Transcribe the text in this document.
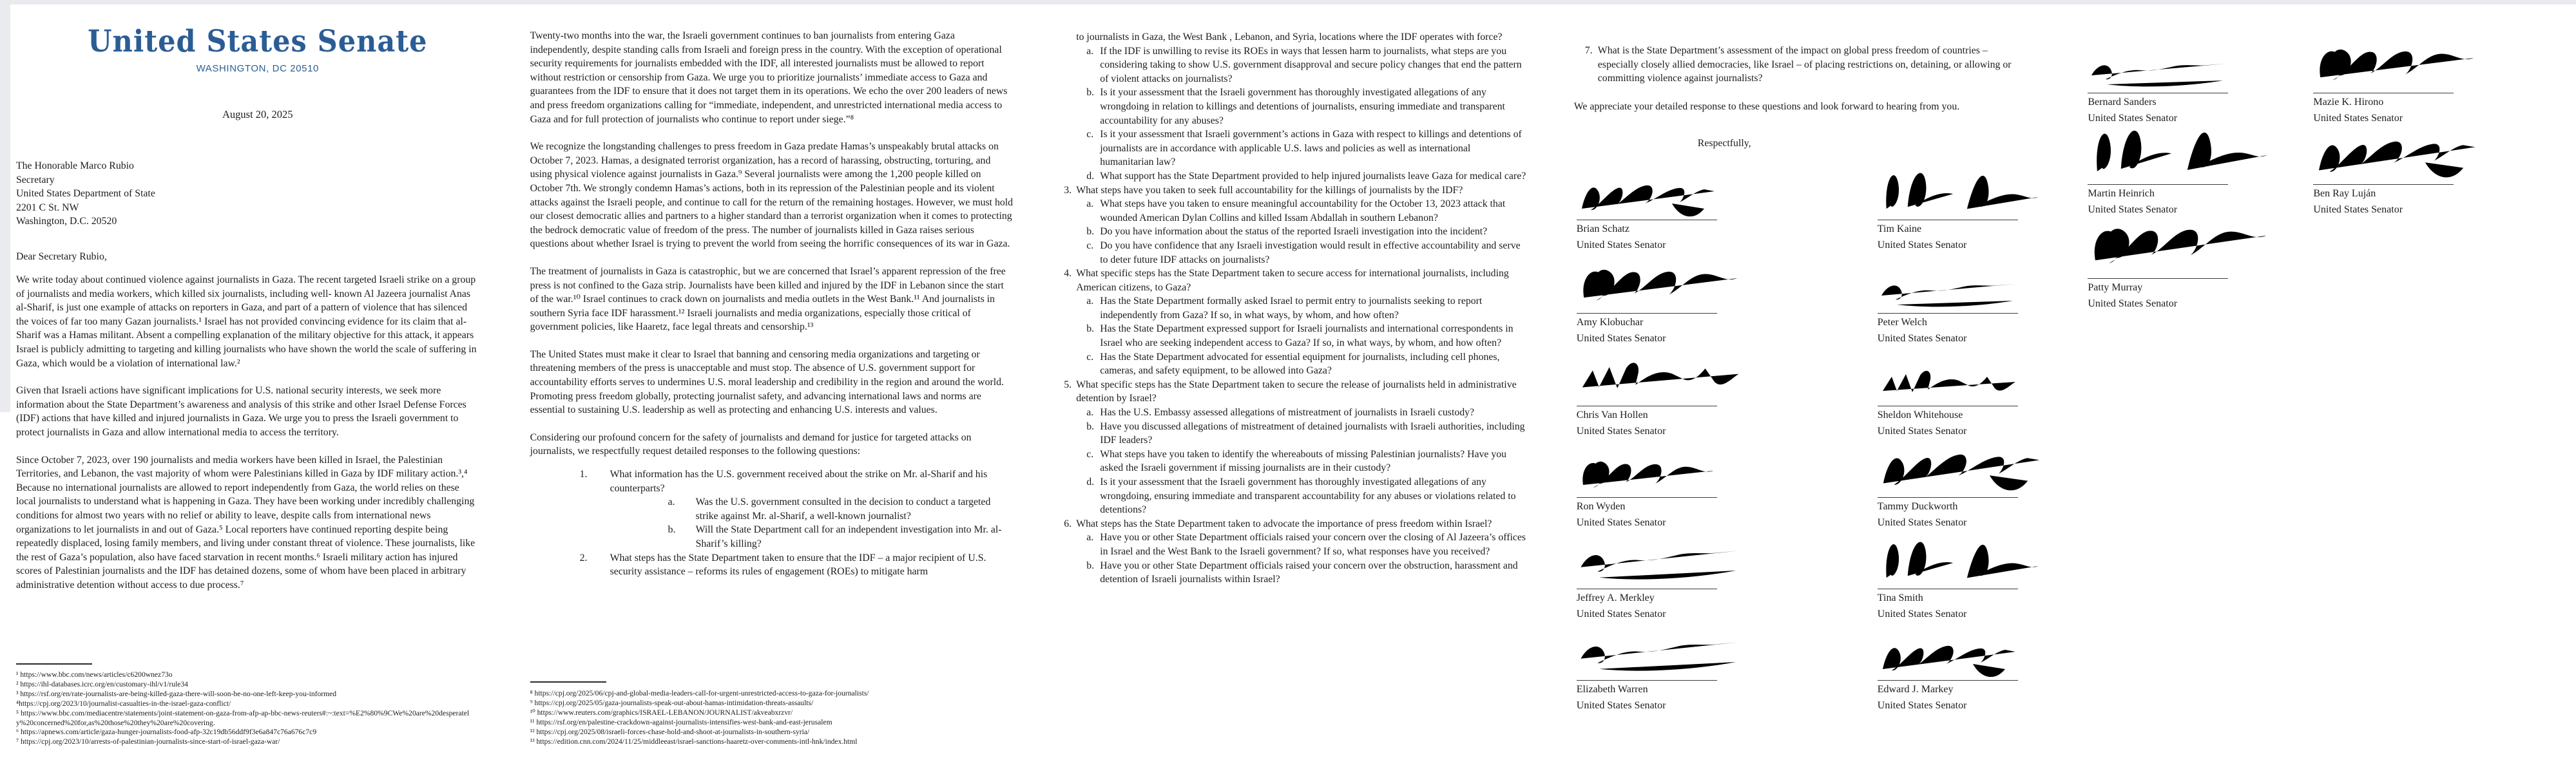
United States Senate
WASHINGTON, DC 20510
August 20, 2025
The Honorable Marco Rubio
Secretary
United States Department of State
2201 C St. NW
Washington, D.C. 20520
Dear Secretary Rubio,

We write today about continued violence against journalists in Gaza. The recent targeted Israeli strike on a group of journalists and media workers, which killed six journalists, including well- known Al Jazeera journalist Anas al-Sharif, is just one example of attacks on reporters in Gaza, and part of a pattern of violence that has silenced the voices of far too many Gazan journalists.¹ Israel has not provided convincing evidence for its claim that al-Sharif was a Hamas militant. Absent a compelling explanation of the military objective for this attack, it appears Israel is publicly admitting to targeting and killing journalists who have shown the world the scale of suffering in Gaza, which would be a violation of international law.²

Given that Israeli actions have significant implications for U.S. national security interests, we seek more information about the State Department’s awareness and analysis of this strike and other Israel Defense Forces (IDF) actions that have killed and injured journalists in Gaza. We urge you to press the Israeli government to protect journalists in Gaza and allow international media to access the territory.

Since October 7, 2023, over 190 journalists and media workers have been killed in Israel, the Palestinian Territories, and Lebanon, the vast majority of whom were Palestinians killed in Gaza by IDF military action.³,⁴ Because no international journalists are allowed to report independently from Gaza, the world relies on these local journalists to understand what is happening in Gaza. They have been working under incredibly challenging conditions for almost two years with no relief or ability to leave, despite calls from international news organizations to let journalists in and out of Gaza.⁵ Local reporters have continued reporting despite being repeatedly displaced, losing family members, and living under constant threat of violence. These journalists, like the rest of Gaza’s population, also have faced starvation in recent months.⁶ Israeli military action has injured scores of Palestinian journalists and the IDF has detained dozens, some of whom have been placed in arbitrary administrative detention without access to due process.⁷

¹ https://www.bbc.com/news/articles/c6200wnez73o
² https://ihl-databases.icrc.org/en/customary-ihl/v1/rule34
³ https://rsf.org/en/rate-journalists-are-being-killed-gaza-there-will-soon-be-no-one-left-keep-you-informed
⁴https://cpj.org/2023/10/journalist-casualties-in-the-israel-gaza-conflict/
⁵ https://www.bbc.com/mediacentre/statements/joint-statement-on-gaza-from-afp-ap-bbc-news-reuters#:~:text=%E2%80%9CWe%20are%20desperately%20concerned%20for,as%20those%20they%20are%20covering.
⁶ https://apnews.com/article/gaza-hunger-journalists-food-afp-32c19db56ddf9f3e6a847c76a676c7c9
⁷ https://cpj.org/2023/10/arrests-of-palestinian-journalists-since-start-of-israel-gaza-war/

Twenty-two months into the war, the Israeli government continues to ban journalists from entering Gaza independently, despite standing calls from Israeli and foreign press in the country. With the exception of operational security requirements for journalists embedded with the IDF, all interested journalists must be allowed to report without restriction or censorship from Gaza. We urge you to prioritize journalists’ immediate access to Gaza and guarantees from the IDF to ensure that it does not target them in its operations. We echo the over 200 leaders of news and press freedom organizations calling for “immediate, independent, and unrestricted international media access to Gaza and for full protection of journalists who continue to report under siege.”⁸

We recognize the longstanding challenges to press freedom in Gaza predate Hamas’s unspeakably brutal attacks on October 7, 2023. Hamas, a designated terrorist organization, has a record of harassing, obstructing, torturing, and using physical violence against journalists in Gaza.⁹ Several journalists were among the 1,200 people killed on October 7th. We strongly condemn Hamas’s actions, both in its repression of the Palestinian people and its violent attacks against the Israeli people, and continue to call for the return of the remaining hostages. However, we must hold our closest democratic allies and partners to a higher standard than a terrorist organization when it comes to protecting the bedrock democratic value of freedom of the press. The number of journalists killed in Gaza raises serious questions about whether Israel is trying to prevent the world from seeing the horrific consequences of its war in Gaza.

The treatment of journalists in Gaza is catastrophic, but we are concerned that Israel’s apparent repression of the free press is not confined to the Gaza strip. Journalists have been killed and injured by the IDF in Lebanon since the start of the war.¹⁰ Israel continues to crack down on journalists and media outlets in the West Bank.¹¹ And journalists in southern Syria face IDF harassment.¹² Israeli journalists and media organizations, especially those critical of government policies, like Haaretz, face legal threats and censorship.¹³

The United States must make it clear to Israel that banning and censoring media organizations and targeting or threatening members of the press is unacceptable and must stop. The absence of U.S. government support for accountability efforts serves to undermines U.S. moral leadership and credibility in the region and around the world. Promoting press freedom globally, protecting journalist safety, and advancing international laws and norms are essential to sustaining U.S. leadership as well as protecting and enhancing U.S. interests and values.

Considering our profound concern for the safety of journalists and demand for justice for targeted attacks on journalists, we respectfully request detailed responses to the following questions:

1. What information has the U.S. government received about the strike on Mr. al-Sharif and his counterparts?
a. Was the U.S. government consulted in the decision to conduct a targeted strike against Mr. al-Sharif, a well-known journalist?
b. Will the State Department call for an independent investigation into Mr. al-Sharif’s killing?
2. What steps has the State Department taken to ensure that the IDF – a major recipient of U.S. security assistance – reforms its rules of engagement (ROEs) to mitigate harm
⁸ https://cpj.org/2025/06/cpj-and-global-media-leaders-call-for-urgent-unrestricted-access-to-gaza-for-journalists/
⁹ https://cpj.org/2025/05/gaza-journalists-speak-out-about-hamas-intimidation-threats-assaults/
¹⁰ https://www.reuters.com/graphics/ISRAEL-LEBANON/JOURNALIST/akveabxrzvr/
¹¹ https://rsf.org/en/palestine-crackdown-against-journalists-intensifies-west-bank-and-east-jerusalem
¹² https://cpj.org/2025/08/israeli-forces-chase-hold-and-shoot-at-journalists-in-southern-syria/
¹³ https://edition.cnn.com/2024/11/25/middleeast/israel-sanctions-haaretz-over-comments-intl-hnk/index.html
to journalists in Gaza, the West Bank , Lebanon, and Syria, locations where the IDF operates with force?
a. If the IDF is unwilling to revise its ROEs in ways that lessen harm to journalists, what steps are you considering taking to show U.S. government disapproval and secure policy changes that end the pattern of violent attacks on journalists?
b. Is it your assessment that the Israeli government has thoroughly investigated allegations of any wrongdoing in relation to killings and detentions of journalists, ensuring immediate and transparent accountability for any abuses?
c. Is it your assessment that Israeli government’s actions in Gaza with respect to killings and detentions of journalists are in accordance with applicable U.S. laws and policies as well as international humanitarian law?
d. What support has the State Department provided to help injured journalists leave Gaza for medical care?
3. What steps have you taken to seek full accountability for the killings of journalists by the IDF?
a. What steps have you taken to ensure meaningful accountability for the October 13, 2023 attack that wounded American Dylan Collins and killed Issam Abdallah in southern Lebanon?
b. Do you have information about the status of the reported Israeli investigation into the incident?
c. Do you have confidence that any Israeli investigation would result in effective accountability and serve to deter future IDF attacks on journalists?
4. What specific steps has the State Department taken to secure access for international journalists, including American citizens, to Gaza?
a. Has the State Department formally asked Israel to permit entry to journalists seeking to report independently from Gaza? If so, in what ways, by whom, and how often?
b. Has the State Department expressed support for Israeli journalists and international correspondents in Israel who are seeking independent access to Gaza? If so, in what ways, by whom, and how often?
c. Has the State Department advocated for essential equipment for journalists, including cell phones, cameras, and safety equipment, to be allowed into Gaza?
5. What specific steps has the State Department taken to secure the release of journalists held in administrative detention by Israel?
a. Has the U.S. Embassy assessed allegations of mistreatment of journalists in Israeli custody?
b. Have you discussed allegations of mistreatment of detained journalists with Israeli authorities, including IDF leaders?
c. What steps have you taken to identify the whereabouts of missing Palestinian journalists? Have you asked the Israeli government if missing journalists are in their custody?
d. Is it your assessment that the Israeli government has thoroughly investigated allegations of any wrongdoing, ensuring immediate and transparent accountability for any abuses or violations related to detentions?
6. What steps has the State Department taken to advocate the importance of press freedom within Israel?
a. Have you or other State Department officials raised your concern over the closing of Al Jazeera’s offices in Israel and the West Bank to the Israeli government? If so, what responses have you received?
b. Have you or other State Department officials raised your concern over the obstruction, harassment and detention of Israeli journalists within Israel?
7. What is the State Department’s assessment of the impact on global press freedom of countries – especially closely allied democracies, like Israel – of placing restrictions on, detaining, or allowing or committing violence against journalists?
We appreciate your detailed response to these questions and look forward to hearing from you.
Respectfully,
Brian Schatz
United States Senator
Amy Klobuchar
United States Senator
Chris Van Hollen
United States Senator
Ron Wyden
United States Senator
Jeffrey A. Merkley
United States Senator
Elizabeth Warren
United States Senator
Tim Kaine
United States Senator
Peter Welch
United States Senator
Sheldon Whitehouse
United States Senator
Tammy Duckworth
United States Senator
Tina Smith
United States Senator
Edward J. Markey
United States Senator
Bernard Sanders
United States Senator
Martin Heinrich
United States Senator
Patty Murray
United States Senator
Mazie K. Hirono
United States Senator
Ben Ray Luján
United States Senator
